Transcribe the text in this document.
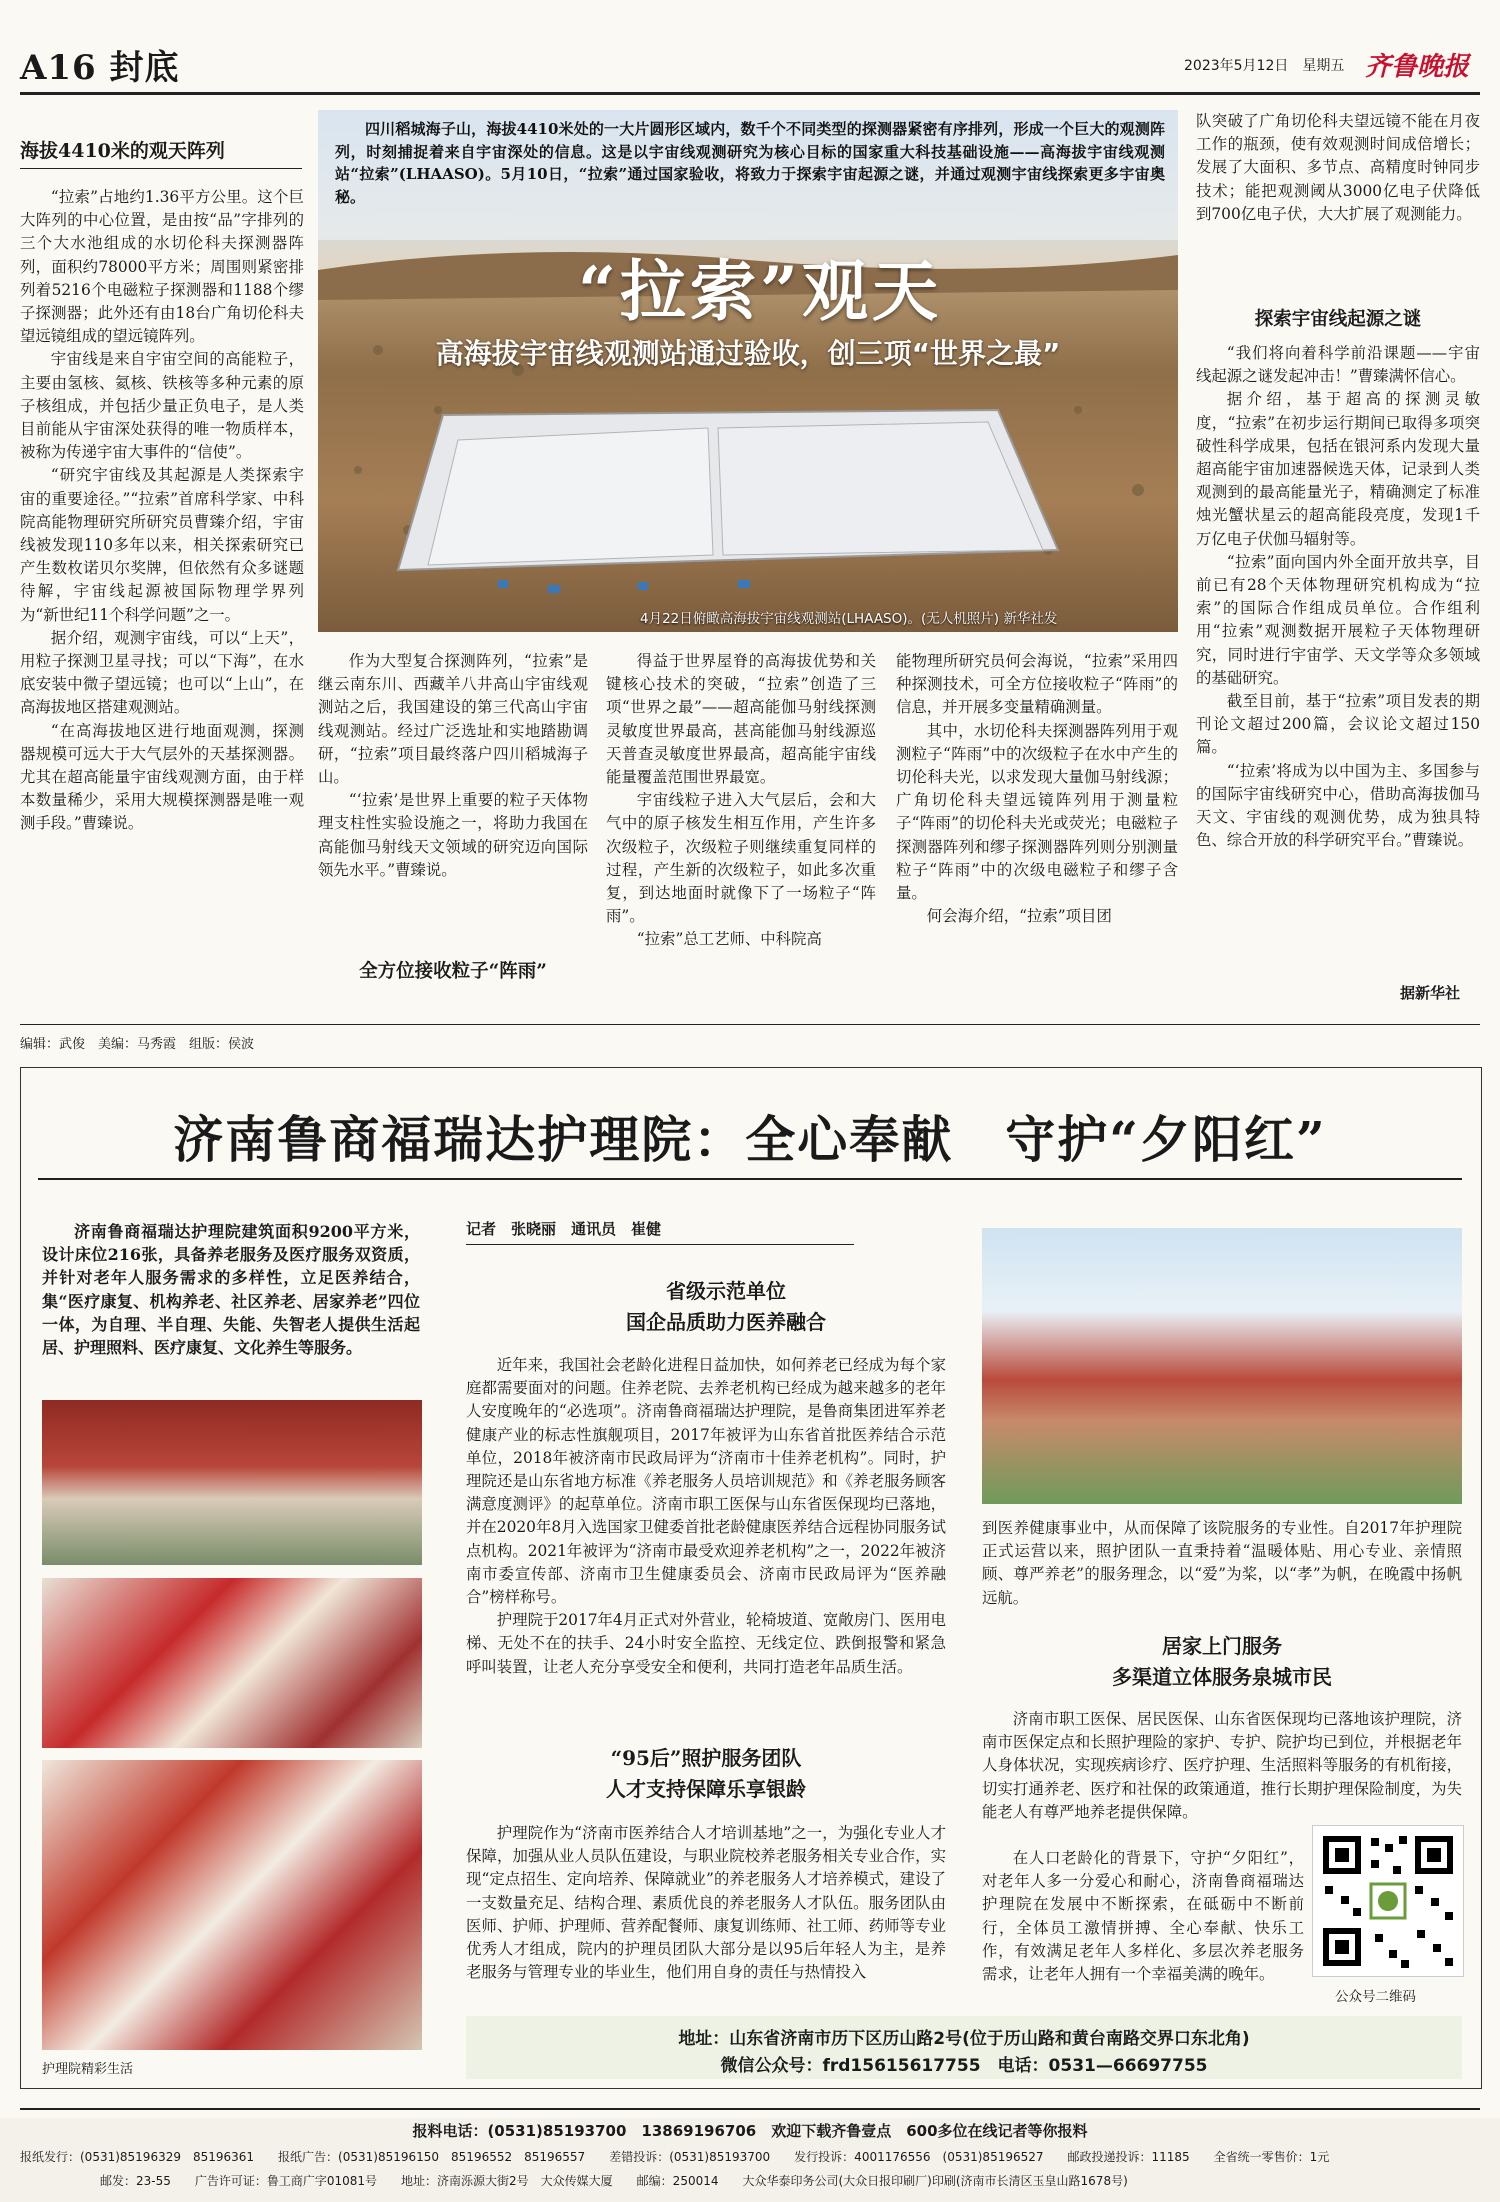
A16 封底	2023年5月12日　 星期五 齐鲁晚报
海拔4410米的观天阵列

“拉索”占地约1.36平方公里。这个巨大阵列的中心位置，是由按“品”字排列的三个大水池组成的水切伦科夫探测器阵列，面积约78000平方米；周围则紧密排列着5216个电磁粒子探测器和1188个缪子探测器；此外还有由18台广角切伦科夫望远镜组成的望远镜阵列。

宇宙线是来自宇宙空间的高能粒子，主要由氢核、氦核、铁核等多种元素的原子核组成，并包括少量正负电子，是人类目前能从宇宙深处获得的唯一物质样本，被称为传递宇宙大事件的“信使”。

“研究宇宙线及其起源是人类探索宇宙的重要途径。”“拉索”首席科学家、中科院高能物理研究所研究员曹臻介绍，宇宙线被发现110多年以来，相关探索研究已产生数枚诺贝尔奖牌，但依然有众多谜题待解，宇宙线起源被国际物理学界列为“新世纪11个科学问题”之一。

据介绍，观测宇宙线，可以“上天”，用粒子探测卫星寻找；可以“下海”，在水底安装中微子望远镜；也可以“上山”，在高海拔地区搭建观测站。

“在高海拔地区进行地面观测，探测器规模可远大于大气层外的天基探测器。尤其在超高能量宇宙线观测方面，由于样本数量稀少，采用大规模探测器是唯一观测手段。”曹臻说。

四川稻城海子山，海拔4410米处的一大片圆形区域内，数千个不同类型的探测器紧密有序排列，形成一个巨大的观测阵列，时刻捕捉着来自宇宙深处的信息。这是以宇宙线观测研究为核心目标的国家重大科技基础设施——高海拔宇宙线观测站“拉索”(LHAASO)。5月10日，“拉索”通过国家验收，将致力于探索宇宙起源之谜，并通过观测宇宙线探索更多宇宙奥秘。
“拉索”观天
高海拔宇宙线观测站通过验收，创三项“世界之最”
4月22日俯瞰高海拔宇宙线观测站(LHAASO)。(无人机照片) 新华社发

作为大型复合探测阵列，“拉索”是继云南东川、西藏羊八井高山宇宙线观测站之后，我国建设的第三代高山宇宙线观测站。经过广泛选址和实地踏勘调研，“拉索”项目最终落户四川稻城海子山。

“‘拉索’是世界上重要的粒子天体物理支柱性实验设施之一，将助力我国在高能伽马射线天文领域的研究迈向国际领先水平。”曹臻说。

全方位接收粒子“阵雨”

得益于世界屋脊的高海拔优势和关键核心技术的突破，“拉索”创造了三项“世界之最”——超高能伽马射线探测灵敏度世界最高，甚高能伽马射线源巡天普查灵敏度世界最高，超高能宇宙线能量覆盖范围世界最宽。

宇宙线粒子进入大气层后，会和大气中的原子核发生相互作用，产生许多次级粒子，次级粒子则继续重复同样的过程，产生新的次级粒子，如此多次重复，到达地面时就像下了一场粒子“阵雨”。

“拉索”总工艺师、中科院高

能物理所研究员何会海说，“拉索”采用四种探测技术，可全方位接收粒子“阵雨”的信息，并开展多变量精确测量。

其中，水切伦科夫探测器阵列用于观测粒子“阵雨”中的次级粒子在水中产生的切伦科夫光，以求发现大量伽马射线源；广角切伦科夫望远镜阵列用于测量粒子“阵雨”的切伦科夫光或荧光；电磁粒子探测器阵列和缪子探测器阵列则分别测量粒子“阵雨”中的次级电磁粒子和缪子含量。

何会海介绍，“拉索”项目团

队突破了广角切伦科夫望远镜不能在月夜工作的瓶颈，使有效观测时间成倍增长；发展了大面积、多节点、高精度时钟同步技术；能把观测阈从3000亿电子伏降低到700亿电子伏，大大扩展了观测能力。

探索宇宙线起源之谜

“我们将向着科学前沿课题——宇宙线起源之谜发起冲击！”曹臻满怀信心。

据介绍，基于超高的探测灵敏度，“拉索”在初步运行期间已取得多项突破性科学成果，包括在银河系内发现大量超高能宇宙加速器候选天体，记录到人类观测到的最高能量光子，精确测定了标准烛光蟹状星云的超高能段亮度，发现1千万亿电子伏伽马辐射等。

“拉索”面向国内外全面开放共享，目前已有28个天体物理研究机构成为“拉索”的国际合作组成员单位。合作组利用“拉索”观测数据开展粒子天体物理研究，同时进行宇宙学、天文学等众多领域的基础研究。

截至目前，基于“拉索”项目发表的期刊论文超过200篇，会议论文超过150篇。

“‘拉索’将成为以中国为主、多国参与的国际宇宙线研究中心，借助高海拔伽马天文、宇宙线的观测优势，成为独具特色、综合开放的科学研究平台。”曹臻说。

据新华社
编辑：武俊　美编：马秀霞　组版：侯波
济南鲁商福瑞达护理院：全心奉献　守护“夕阳红”
济南鲁商福瑞达护理院建筑面积9200平方米，设计床位216张，具备养老服务及医疗服务双资质，并针对老年人服务需求的多样性，立足医养结合，集“医疗康复、机构养老、社区养老、居家养老”四位一体，为自理、半自理、失能、失智老人提供生活起居、护理照料、医疗康复、文化养生等服务。
护理院精彩生活
记者　张晓丽　通讯员　崔健
省级示范单位
国企品质助力医养融合

近年来，我国社会老龄化进程日益加快，如何养老已经成为每个家庭都需要面对的问题。住养老院、去养老机构已经成为越来越多的老年人安度晚年的“必选项”。济南鲁商福瑞达护理院，是鲁商集团进军养老健康产业的标志性旗舰项目，2017年被评为山东省首批医养结合示范单位，2018年被济南市民政局评为“济南市十佳养老机构”。同时，护理院还是山东省地方标准《养老服务人员培训规范》和《养老服务顾客满意度测评》的起草单位。济南市职工医保与山东省医保现均已落地，并在2020年8月入选国家卫健委首批老龄健康医养结合远程协同服务试点机构。2021年被评为“济南市最受欢迎养老机构”之一，2022年被济南市委宣传部、济南市卫生健康委员会、济南市民政局评为“医养融合”榜样称号。

护理院于2017年4月正式对外营业，轮椅坡道、宽敞房门、医用电梯、无处不在的扶手、24小时安全监控、无线定位、跌倒报警和紧急呼叫装置，让老人充分享受安全和便利，共同打造老年品质生活。

“95后”照护服务团队
人才支持保障乐享银龄

护理院作为“济南市医养结合人才培训基地”之一，为强化专业人才保障，加强从业人员队伍建设，与职业院校养老服务相关专业合作，实现“定点招生、定向培养、保障就业”的养老服务人才培养模式，建设了一支数量充足、结构合理、素质优良的养老服务人才队伍。服务团队由医师、护师、护理师、营养配餐师、康复训练师、社工师、药师等专业优秀人才组成，院内的护理员团队大部分是以95后年轻人为主，是养老服务与管理专业的毕业生，他们用自身的责任与热情投入

到医养健康事业中，从而保障了该院服务的专业性。自2017年护理院正式运营以来，照护团队一直秉持着“温暖体贴、用心专业、亲情照顾、尊严养老”的服务理念，以“爱”为桨，以“孝”为帆，在晚霞中扬帆远航。

居家上门服务
多渠道立体服务泉城市民

济南市职工医保、居民医保、山东省医保现均已落地该护理院，济南市医保定点和长照护理险的家护、专护、院护均已到位，并根据老年人身体状况，实现疾病诊疗、医疗护理、生活照料等服务的有机衔接，切实打通养老、医疗和社保的政策通道，推行长期护理保险制度，为失能老人有尊严地养老提供保障。

在人口老龄化的背景下，守护“夕阳红”，对老年人多一分爱心和耐心，济南鲁商福瑞达护理院在发展中不断探索，在砥砺中不断前行，全体员工激情拼搏、全心奉献、快乐工作，有效满足老年人多样化、多层次养老服务需求，让老年人拥有一个幸福美满的晚年。

公众号二维码
地址：山东省济南市历下区历山路2号(位于历山路和黄台南路交界口东北角)
微信公众号：frd15615617755　电话：0531—66697755
报料电话：(0531)85193700　13869196706　欢迎下载齐鲁壹点　600多位在线记者等你报料
报纸发行：(0531)85196329　85196361　　报纸广告：(0531)85196150　85196552　85196557　　差错投诉：(0531)85193700　　发行投诉：4001176556　(0531)85196527　　邮政投递投诉：11185　　全省统一零售价：1元
邮发：23-55　　广告许可证：鲁工商广字01081号　　地址：济南泺源大街2号　大众传媒大厦　　邮编：250014　　大众华泰印务公司(大众日报印刷厂)印刷(济南市长清区玉皇山路1678号)
